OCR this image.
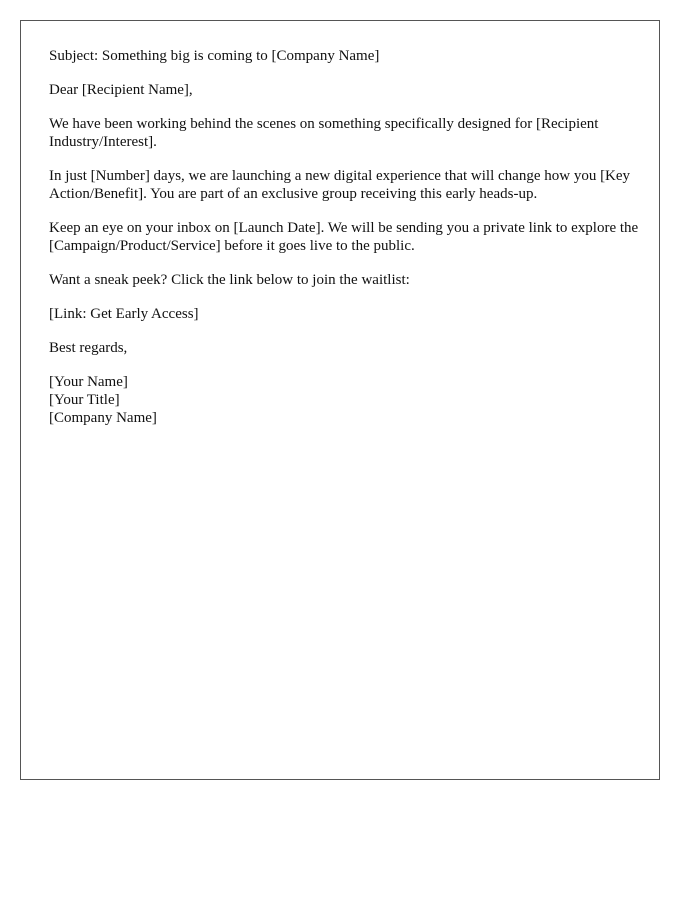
Subject: Something big is coming to [Company Name]

Dear [Recipient Name],

We have been working behind the scenes on something specifically designed for [Recipient Industry/Interest].

In just [Number] days, we are launching a new digital experience that will change how you [Key Action/Benefit]. You are part of an exclusive group receiving this early heads-up.

Keep an eye on your inbox on [Launch Date]. We will be sending you a private link to explore the [Campaign/Product/Service] before it goes live to the public.

Want a sneak peek? Click the link below to join the waitlist:

[Link: Get Early Access]

Best regards,

[Your Name]
[Your Title]
[Company Name]
